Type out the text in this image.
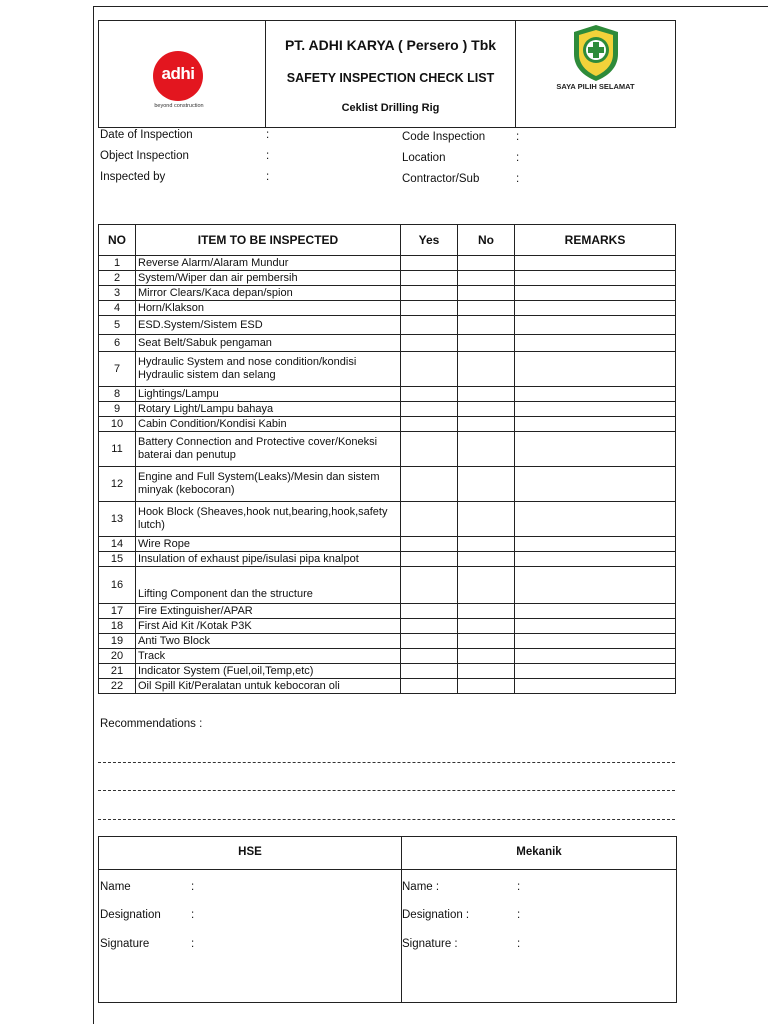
adhi
beyond construction
PT. ADHI KARYA ( Persero ) Tbk
SAFETY INSPECTION CHECK LIST
Ceklist Drilling Rig
SAYA PILIH SELAMAT
Date of Inspection	:
Object Inspection	:
Inspected by	:
Code Inspection	:
Location	:
Contractor/Sub	:
NO	ITEM TO BE INSPECTED	Yes	No	REMARKS
1	Reverse Alarm/Alaram Mundur			
2	System/Wiper dan air pembersih			
3	Mirror Clears/Kaca depan/spion			
4	Horn/Klakson			
5	ESD.System/Sistem ESD			
6	Seat Belt/Sabuk pengaman			
7	Hydraulic System and nose condition/kondisi Hydraulic sistem dan selang			
8	Lightings/Lampu			
9	Rotary Light/Lampu bahaya			
10	Cabin Condition/Kondisi Kabin			
11	Battery Connection and Protective cover/Koneksi baterai dan penutup			
12	Engine and Full System(Leaks)/Mesin dan sistem minyak (kebocoran)			
13	Hook Block (Sheaves,hook nut,bearing,hook,safety lutch)			
14	Wire Rope			
15	Insulation of exhaust pipe/isulasi pipa knalpot			
16	Lifting Component dan the structure			
17	Fire Extinguisher/APAR			
18	First Aid Kit /Kotak P3K			
19	Anti Two Block			
20	Track			
21	Indicator System (Fuel,oil,Temp,etc)			
22	Oil Spill Kit/Peralatan untuk kebocoran oli			
Recommendations :
HSE	Mekanik
Name	:
Designation	:
Signature	:
Name :	:
Designation :	:
Signature :	:
